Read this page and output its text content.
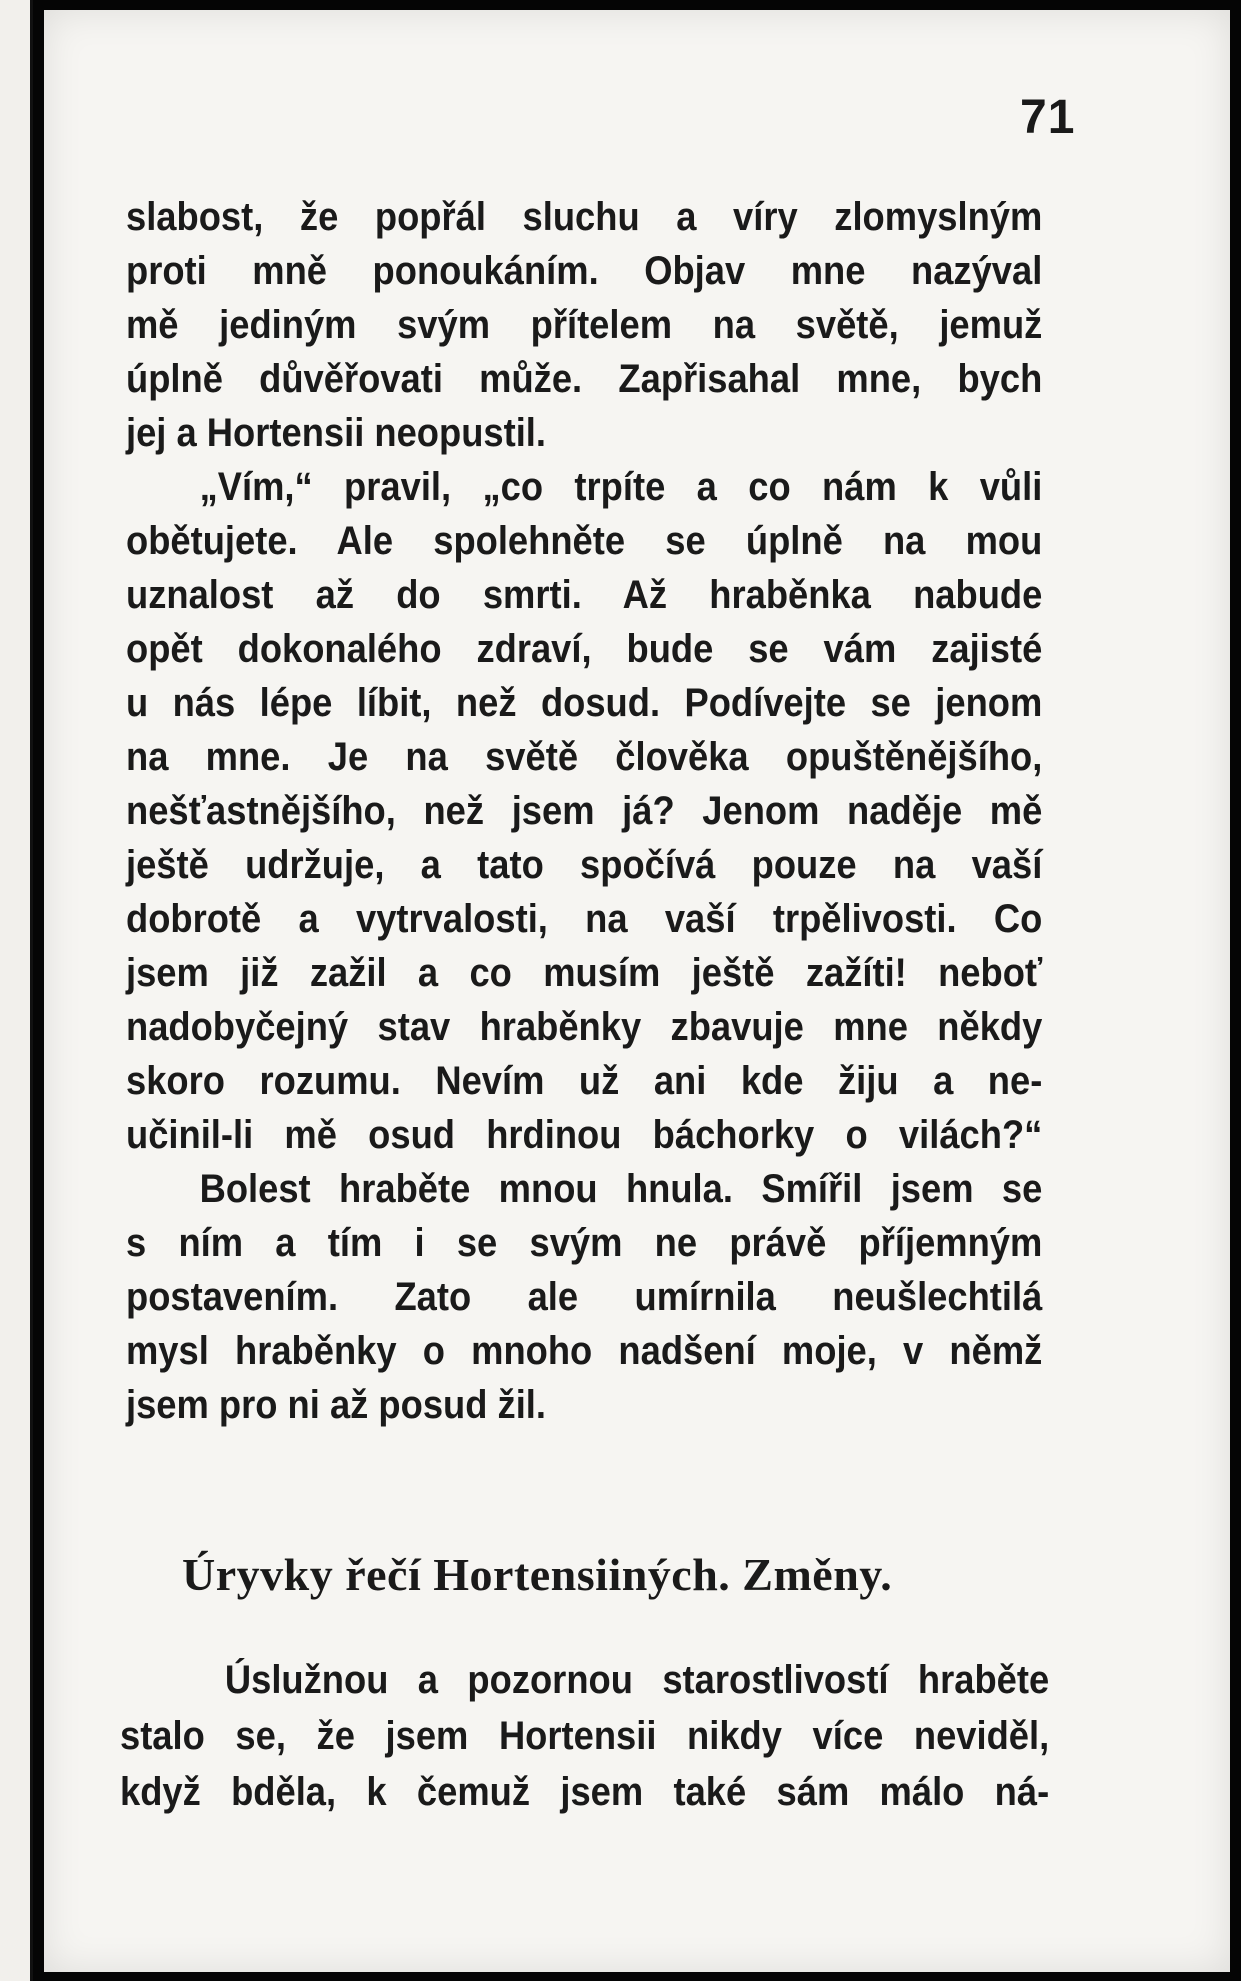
71
slabost, že popřál sluchu a víry zlomyslným
proti mně ponoukáním. Objav mne nazýval
mě jediným svým přítelem na světě, jemuž
úplně důvěřovati může. Zapřisahal mne, bych
jej a Hortensii neopustil.
„Vím,“ pravil, „co trpíte a co nám k vůli
obětujete. Ale spolehněte se úplně na mou
uznalost až do smrti. Až hraběnka nabude
opět dokonalého zdraví, bude se vám zajisté
u nás lépe líbit, než dosud. Podívejte se jenom
na mne. Je na světě člověka opuštěnějšího,
nešťastnějšího, než jsem já? Jenom naděje mě
ještě udržuje, a tato spočívá pouze na vaší
dobrotě a vytrvalosti, na vaší trpělivosti. Co
jsem již zažil a co musím ještě zažíti! neboť
nadobyčejný stav hraběnky zbavuje mne někdy
skoro rozumu. Nevím už ani kde žiju a ne-
učinil-li mě osud hrdinou báchorky o vilách?“
Bolest hraběte mnou hnula. Smířil jsem se
s ním a tím i se svým ne právě příjemným
postavením. Zato ale umírnila neušlechtilá
mysl hraběnky o mnoho nadšení moje, v němž
jsem pro ni až posud žil.
Úryvky řečí Hortensiiných. Změny.
Úslužnou a pozornou starostlivostí hraběte
stalo se, že jsem Hortensii nikdy více neviděl,
když bděla, k čemuž jsem také sám málo ná-
